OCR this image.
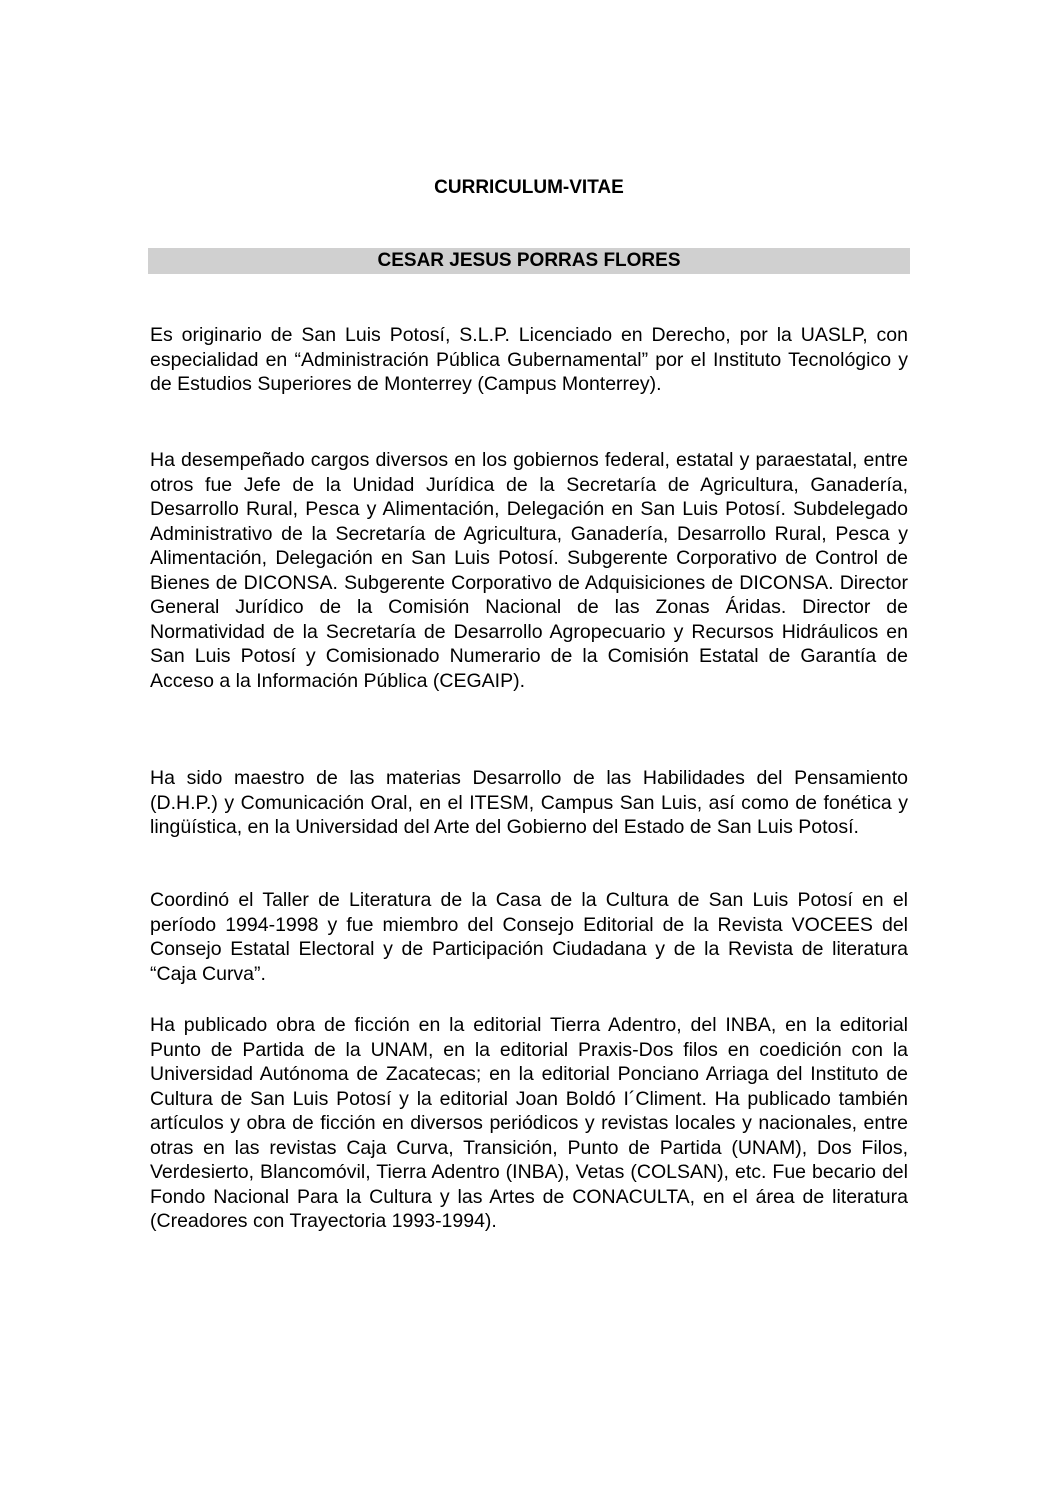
CURRICULUM-VITAE
CESAR JESUS PORRAS FLORES

Es originario de San Luis Potosí, S.L.P. Licenciado en Derecho, por la UASLP, con especialidad en “Administración Pública Gubernamental” por el Instituto Tecnológico y de Estudios Superiores de Monterrey (Campus Monterrey).

Ha desempeñado cargos diversos en los gobiernos federal, estatal y paraestatal, entre otros fue Jefe de la Unidad Jurídica de la Secretaría de Agricultura, Ganadería, Desarrollo Rural, Pesca y Alimentación, Delegación en San Luis Potosí. Subdelegado Administrativo de la Secretaría de Agricultura, Ganadería, Desarrollo Rural, Pesca y Alimentación, Delegación en San Luis Potosí. Subgerente Corporativo de Control de Bienes de DICONSA. Subgerente Corporativo de Adquisiciones de DICONSA. Director General Jurídico de la Comisión Nacional de las Zonas Áridas. Director de Normatividad de la Secretaría de Desarrollo Agropecuario y Recursos Hidráulicos en San Luis Potosí y Comisionado Numerario de la Comisión Estatal de Garantía de Acceso a la Información Pública (CEGAIP).

Ha sido maestro de las materias Desarrollo de las Habilidades del Pensamiento (D.H.P.) y Comunicación Oral, en el ITESM, Campus San Luis, así como de fonética y lingüística, en la Universidad del Arte del Gobierno del Estado de San Luis Potosí.

Coordinó el Taller de Literatura de la Casa de la Cultura de San Luis Potosí en el período 1994-1998 y fue miembro del Consejo Editorial de la Revista VOCEES del Consejo Estatal Electoral y de Participación Ciudadana y de la Revista de literatura “Caja Curva”.

Ha publicado obra de ficción en la editorial Tierra Adentro, del INBA, en la editorial Punto de Partida de la UNAM, en la editorial Praxis-Dos filos en coedición con la Universidad Autónoma de Zacatecas; en la editorial Ponciano Arriaga del Instituto de Cultura de San Luis Potosí y la editorial Joan Boldó I´Climent. Ha publicado también artículos y obra de ficción en diversos periódicos y revistas locales y nacionales, entre otras en las revistas Caja Curva, Transición, Punto de Partida (UNAM), Dos Filos, Verdesierto, Blancomóvil, Tierra Adentro (INBA), Vetas (COLSAN), etc. Fue becario del Fondo Nacional Para la Cultura y las Artes de CONACULTA, en el área de literatura (Creadores con Trayectoria 1993-1994).
